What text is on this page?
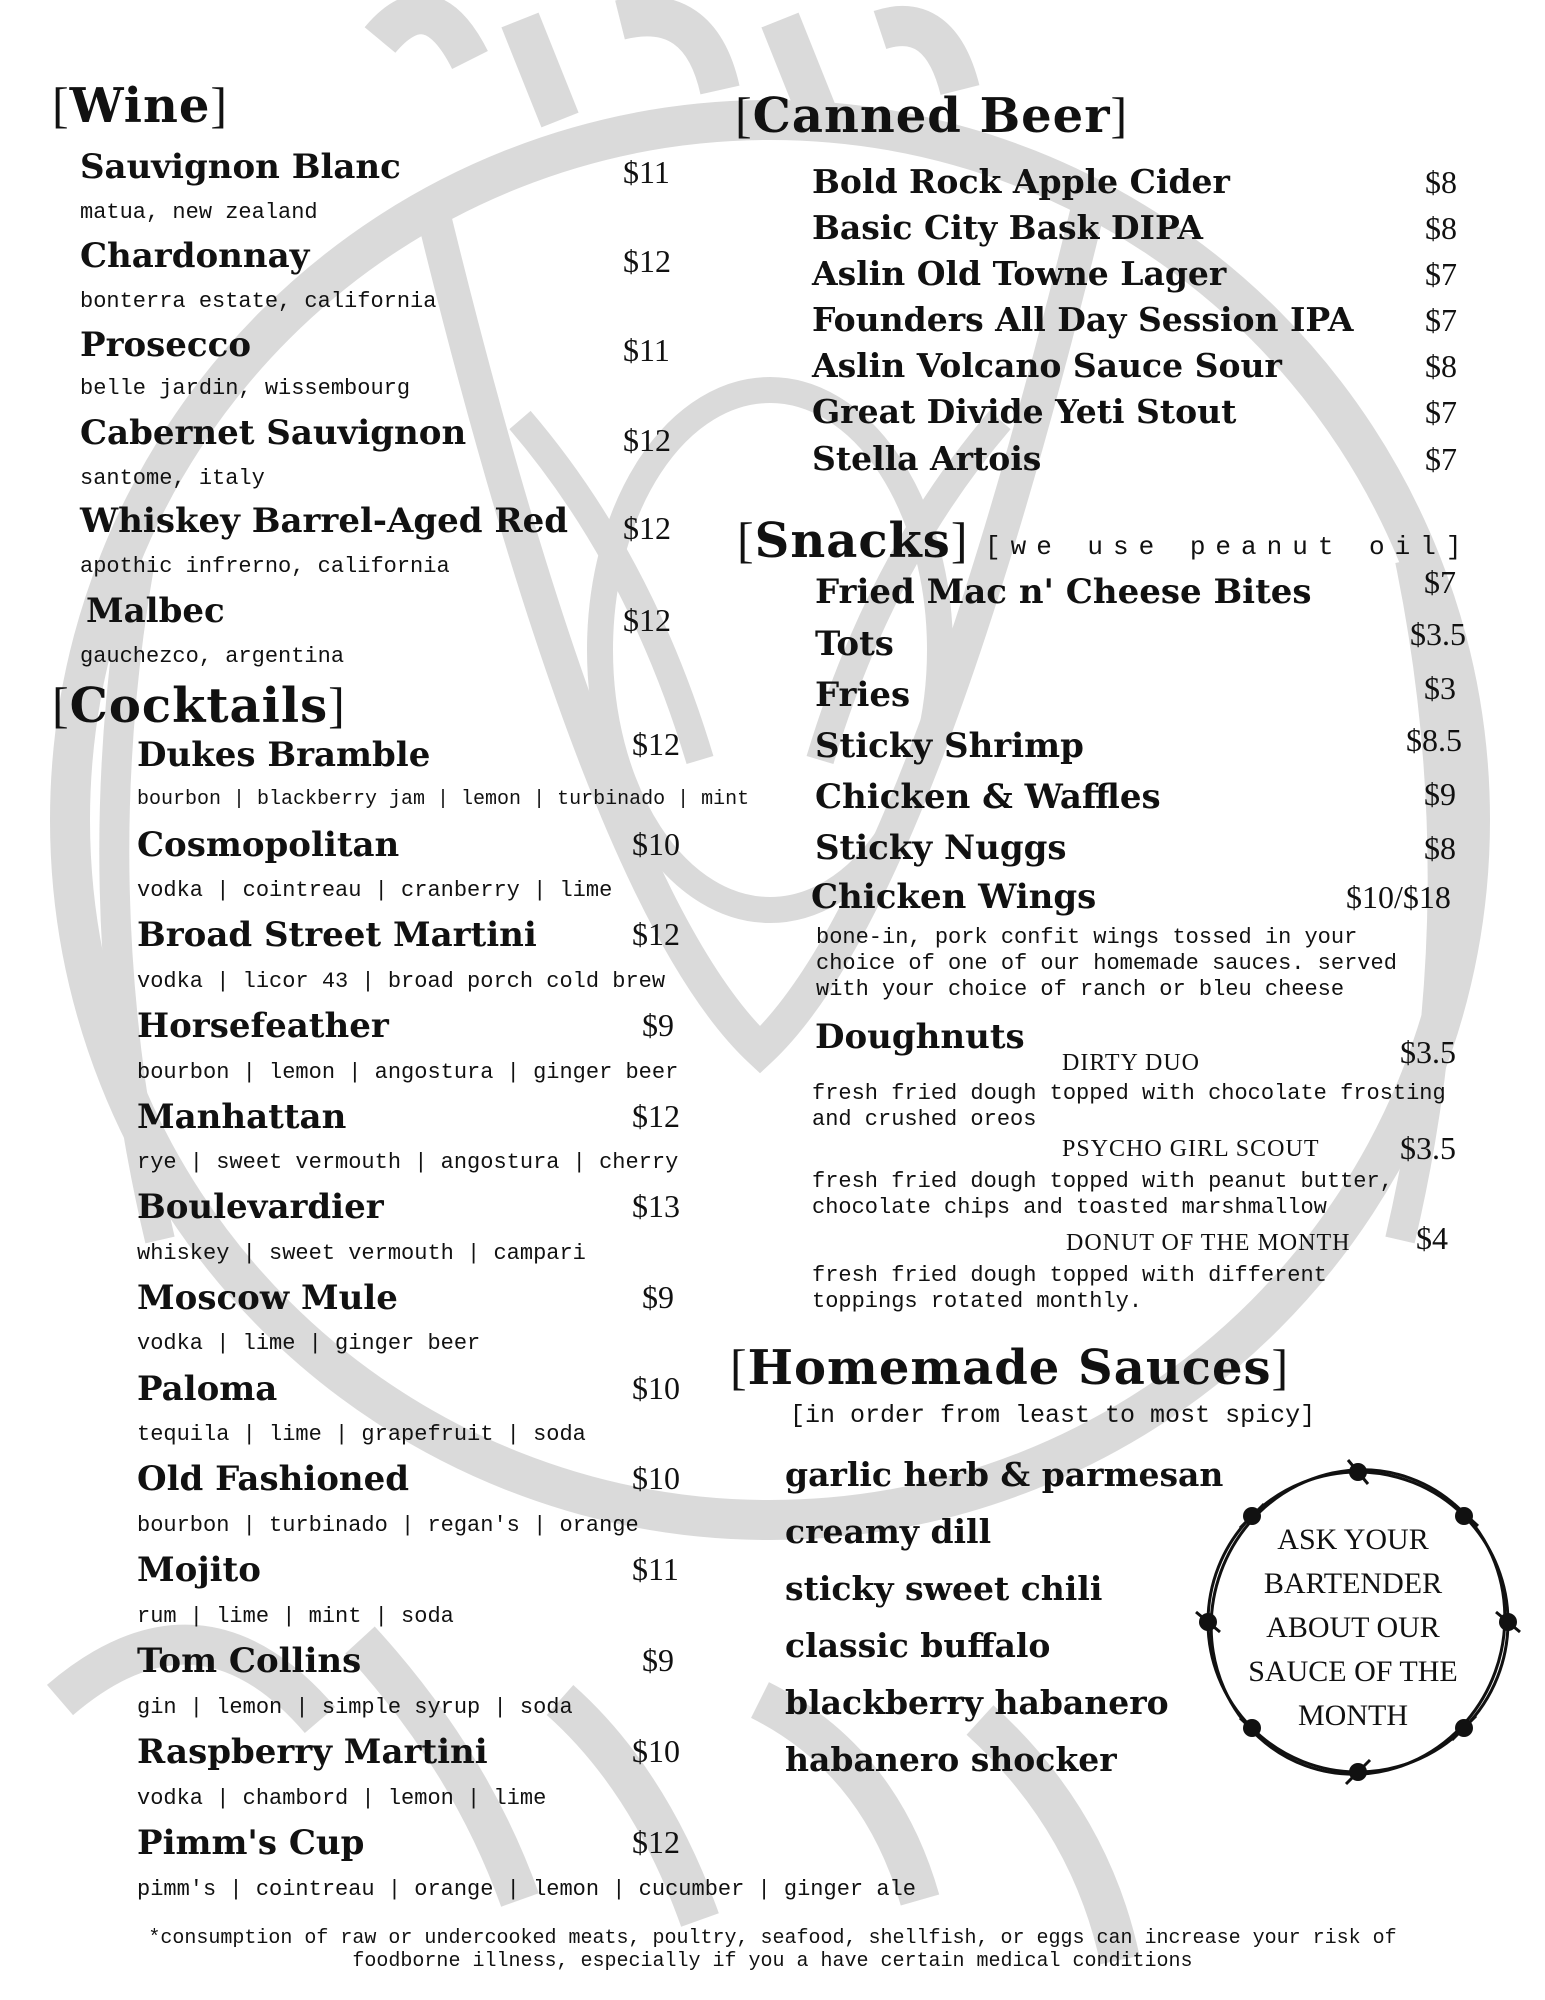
[Wine]
Sauvignon Blanc	$11
matua, new zealand
Chardonnay	$12
bonterra estate, california
Prosecco	$11
belle jardin, wissembourg
Cabernet Sauvignon	$12
santome, italy
Whiskey Barrel-Aged Red $12
apothic infrerno, california
Malbec	$12
gauchezco, argentina
[Cocktails]
Dukes Bramble	$12
bourbon | blackberry jam | lemon | turbinado | mint
Cosmopolitan	$10
vodka | cointreau | cranberry | lime
Broad Street Martini	$12
vodka | licor 43 | broad porch cold brew
Horsefeather	$9
bourbon | lemon | angostura | ginger beer
Manhattan	$12
rye | sweet vermouth | angostura | cherry
Boulevardier	$13
whiskey | sweet vermouth | campari
Moscow Mule	$9
vodka | lime | ginger beer
Paloma	$10
tequila | lime | grapefruit | soda
Old Fashioned	$10
bourbon | turbinado | regan's | orange
Mojito	$11
rum | lime | mint | soda
Tom Collins	$9
gin | lemon | simple syrup | soda
Raspberry Martini	$10
vodka | chambord | lemon | lime
Pimm's Cup	$12
pimm's | cointreau | orange | lemon | cucumber | ginger ale
[Canned Beer]
Bold Rock Apple Cider	$8
Basic City Bask DIPA	$8
Aslin Old Towne Lager	$7
Founders All Day Session IPA $7
Aslin Volcano Sauce Sour	$8
Great Divide Yeti Stout	$7
Stella Artois	$7
[Snacks] [we use peanut oil]
Fried Mac n' Cheese Bites	$7
Tots	$3.5
Fries	$3
Sticky Shrimp	$8.5
Chicken & Waffles	$9
Sticky Nuggs	$8
Chicken Wings	$10/$18
bone-in, pork confit wings tossed in your choice of one of our homemade sauces. served with your choice of ranch or bleu cheese
Doughnuts
DIRTY DUO	$3.5
fresh fried dough topped with chocolate frosting and crushed oreos
PSYCHO GIRL SCOUT	$3.5
fresh fried dough topped with peanut butter, chocolate chips and toasted marshmallow
DONUT OF THE MONTH $4
fresh fried dough topped with different toppings rotated monthly.
[Homemade Sauces]
[in order from least to most spicy]
garlic herb & parmesan
creamy dill
sticky sweet chili
classic buffalo
blackberry habanero
habanero shocker
ASK YOUR BARTENDER ABOUT OUR SAUCE OF THE MONTH
*consumption of raw or undercooked meats, poultry, seafood, shellfish, or eggs can increase your risk of foodborne illness, especially if you a have certain medical conditions
